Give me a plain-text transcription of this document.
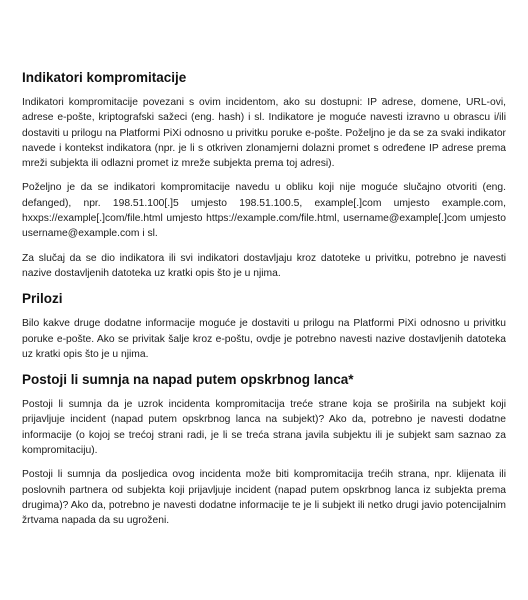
Indikatori kompromitacije

Indikatori kompromitacije povezani s ovim incidentom, ako su dostupni: IP adrese, domene, URL-ovi, adrese e-pošte, kriptografski sažeci (eng. hash) i sl. Indikatore je moguće navesti izravno u obrascu i/ili dostaviti u prilogu na Platformi PiXi odnosno u privitku poruke e-pošte. Poželjno je da se za svaki indikator navede i kontekst indikatora (npr. je li s otkriven zlonamjerni dolazni promet s određene IP adrese prema mreži subjekta ili odlazni promet iz mreže subjekta prema toj adresi).

Poželjno je da se indikatori kompromitacije navedu u obliku koji nije moguće slučajno otvoriti (eng. defanged), npr. 198.51.100[.]5 umjesto 198.51.100.5, example[.]com umjesto example.com, hxxps://example[.]com/file.html umjesto https://example.com/file.html, username@example[.]com umjesto username@example.com i sl.

Za slučaj da se dio indikatora ili svi indikatori dostavljaju kroz datoteke u privitku, potrebno je navesti nazive dostavljenih datoteka uz kratki opis što je u njima.

Prilozi

Bilo kakve druge dodatne informacije moguće je dostaviti u prilogu na Platformi PiXi odnosno u privitku poruke e-pošte. Ako se privitak šalje kroz e-poštu, ovdje je potrebno navesti nazive dostavljenih datoteka uz kratki opis što je u njima.

Postoji li sumnja na napad putem opskrbnog lanca*

Postoji li sumnja da je uzrok incidenta kompromitacija treće strane koja se proširila na subjekt koji prijavljuje incident (napad putem opskrbnog lanca na subjekt)? Ako da, potrebno je navesti dodatne informacije (o kojoj se trećoj strani radi, je li se treća strana javila subjektu ili je subjekt sam saznao za kompromitaciju).

Postoji li sumnja da posljedica ovog incidenta može biti kompromitacija trećih strana, npr. klijenata ili poslovnih partnera od subjekta koji prijavljuje incident (napad putem opskrbnog lanca iz subjekta prema drugima)? Ako da, potrebno je navesti dodatne informacije te je li subjekt ili netko drugi javio potencijalnim žrtvama napada da su ugroženi.
